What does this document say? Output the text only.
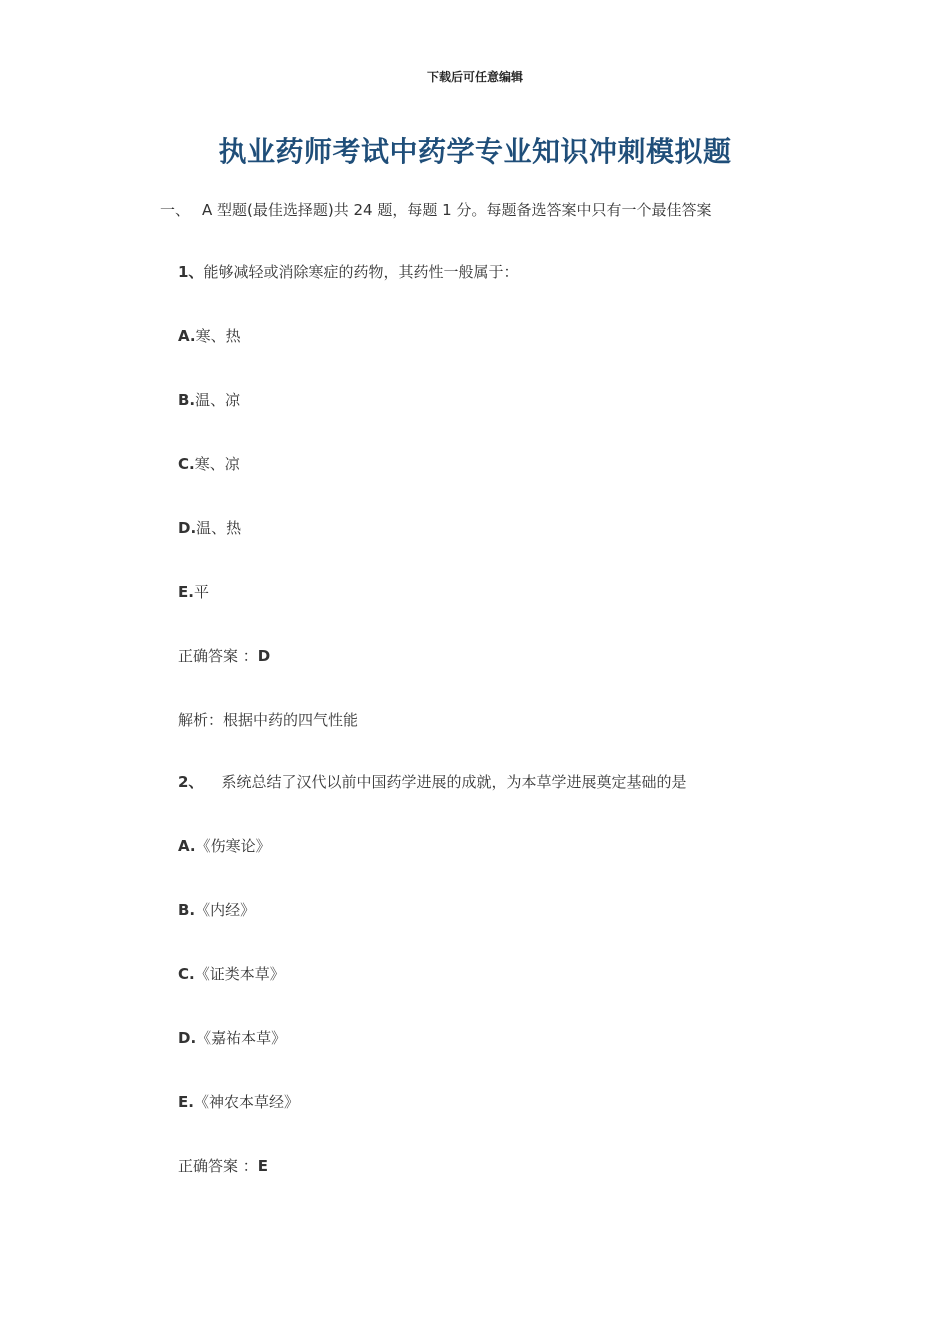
下载后可任意编辑
执业药师考试中药学专业知识冲刺模拟题
一、 A 型题(最佳选择题)共 24 题，每题 1 分。每题备选答案中只有一个最佳答案
1、能够减轻或消除寒症的药物，其药性一般属于：
A.寒、热
B.温、凉
C.寒、凉
D.温、热
E.平
正确答案 ：D
解析：根据中药的四气性能
2、 系统总结了汉代以前中国药学进展的成就，为本草学进展奠定基础的是
A.《伤寒论》
B.《内经》
C.《证类本草》
D.《嘉祐本草》
E.《神农本草经》
正确答案 ：E
